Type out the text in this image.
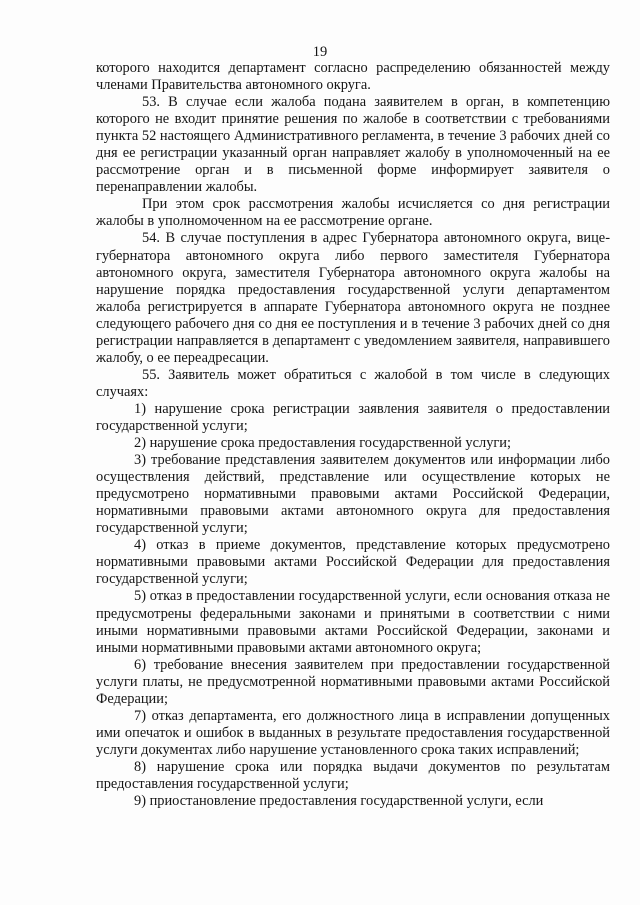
19

которого находится департамент согласно распределению обязанностей между членами Правительства автономного округа.

53. В случае если жалоба подана заявителем в орган, в компетенцию которого не входит принятие решения по жалобе в соответствии с требованиями пункта 52 настоящего Административного регламента, в течение 3 рабочих дней со дня ее регистрации указанный орган направляет жалобу в уполномоченный на ее рассмотрение орган и в письменной форме информирует заявителя о перенаправлении жалобы.

При этом срок рассмотрения жалобы исчисляется со дня регистрации жалобы в уполномоченном на ее рассмотрение органе.

54. В случае поступления в адрес Губернатора автономного округа, вице-губернатора автономного округа либо первого заместителя Губернатора автономного округа, заместителя Губернатора автономного округа жалобы на нарушение порядка предоставления государственной услуги департаментом жалоба регистрируется в аппарате Губернатора автономного округа не позднее следующего рабочего дня со дня ее поступления и в течение 3 рабочих дней со дня регистрации направляется в департамент с уведомлением заявителя, направившего жалобу, о ее переадресации.

55. Заявитель может обратиться с жалобой в том числе в следующих случаях:

1) нарушение срока регистрации заявления заявителя о предоставлении государственной услуги;

2) нарушение срока предоставления государственной услуги;

3) требование представления заявителем документов или информации либо осуществления действий, представление или осуществление которых не предусмотрено нормативными правовыми актами Российской Федерации, нормативными правовыми актами автономного округа для предоставления государственной услуги;

4) отказ в приеме документов, представление которых предусмотрено нормативными правовыми актами Российской Федерации для предоставления государственной услуги;

5) отказ в предоставлении государственной услуги, если основания отказа не предусмотрены федеральными законами и принятыми в соответствии с ними иными нормативными правовыми актами Российской Федерации, законами и иными нормативными правовыми актами автономного округа;

6) требование внесения заявителем при предоставлении государственной услуги платы, не предусмотренной нормативными правовыми актами Российской Федерации;

7) отказ департамента, его должностного лица в исправлении допущенных ими опечаток и ошибок в выданных в результате предоставления государственной услуги документах либо нарушение установленного срока таких исправлений;

8) нарушение срока или порядка выдачи документов по результатам предоставления государственной услуги;

9) приостановление предоставления государственной услуги, если
